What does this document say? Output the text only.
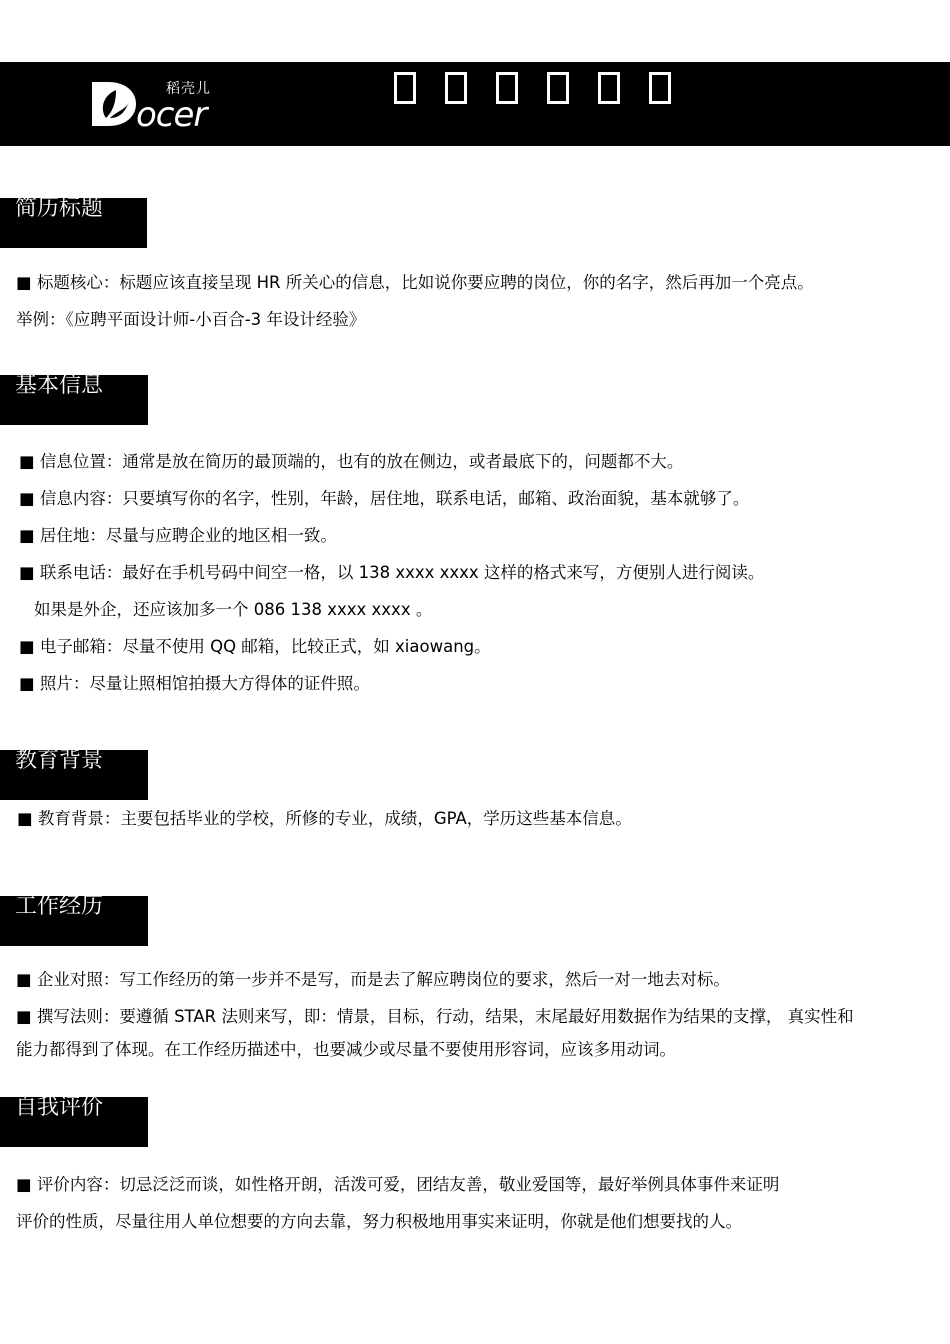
ocer
稻壳儿
简历标题
■ 标题核心：标题应该直接呈现 HR 所关心的信息，比如说你要应聘的岗位，你的名字，然后再加一个亮点。
举例：《应聘平面设计师-小百合-3 年设计经验》
基本信息
■ 信息位置：通常是放在简历的最顶端的，也有的放在侧边，或者最底下的，问题都不大。
■ 信息内容：只要填写你的名字，性别，年龄，居住地，联系电话，邮箱、政治面貌，基本就够了。
■ 居住地：尽量与应聘企业的地区相一致。
■ 联系电话：最好在手机号码中间空一格，以 138 xxxx xxxx 这样的格式来写，方便别人进行阅读。
如果是外企，还应该加多一个 086 138 xxxx xxxx 。
■ 电子邮箱：尽量不使用 QQ 邮箱，比较正式，如 xiaowang。
■ 照片：尽量让照相馆拍摄大方得体的证件照。
教育背景
■ 教育背景：主要包括毕业的学校，所修的专业，成绩，GPA，学历这些基本信息。
工作经历
■ 企业对照：写工作经历的第一步并不是写，而是去了解应聘岗位的要求，然后一对一地去对标。
■ 撰写法则：要遵循 STAR 法则来写，即：情景，目标，行动，结果，末尾最好用数据作为结果的支撑， 真实性和
能力都得到了体现。在工作经历描述中，也要减少或尽量不要使用形容词，应该多用动词。
自我评价
■ 评价内容：切忌泛泛而谈，如性格开朗，活泼可爱，团结友善，敬业爱国等，最好举例具体事件来证明
评价的性质，尽量往用人单位想要的方向去靠，努力积极地用事实来证明，你就是他们想要找的人。
